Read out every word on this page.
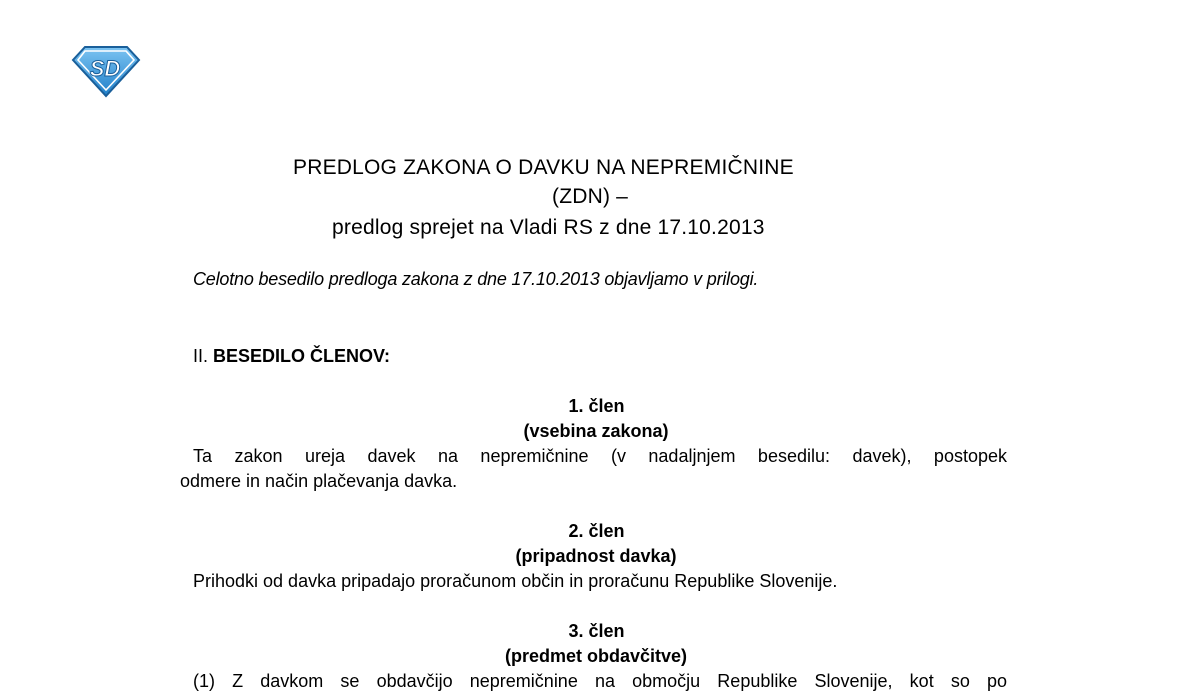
SD
PREDLOG ZAKONA O DAVKU NA NEPREMIČNINE
(ZDN) –
predlog sprejet na Vladi RS z dne 17.10.2013
Celotno besedilo predloga zakona z dne 17.10.2013 objavljamo v prilogi.
II. BESEDILO ČLENOV:
1. člen
(vsebina zakona)
Ta zakon ureja davek na nepremičnine (v nadaljnjem besedilu: davek), postopek
odmere in način plačevanja davka.
2. člen
(pripadnost davka)
Prihodki od davka pripadajo proračunom občin in proračunu Republike Slovenije.
3. člen
(predmet obdavčitve)
(1) Z davkom se obdavčijo nepremičnine na območju Republike Slovenije, kot so po
